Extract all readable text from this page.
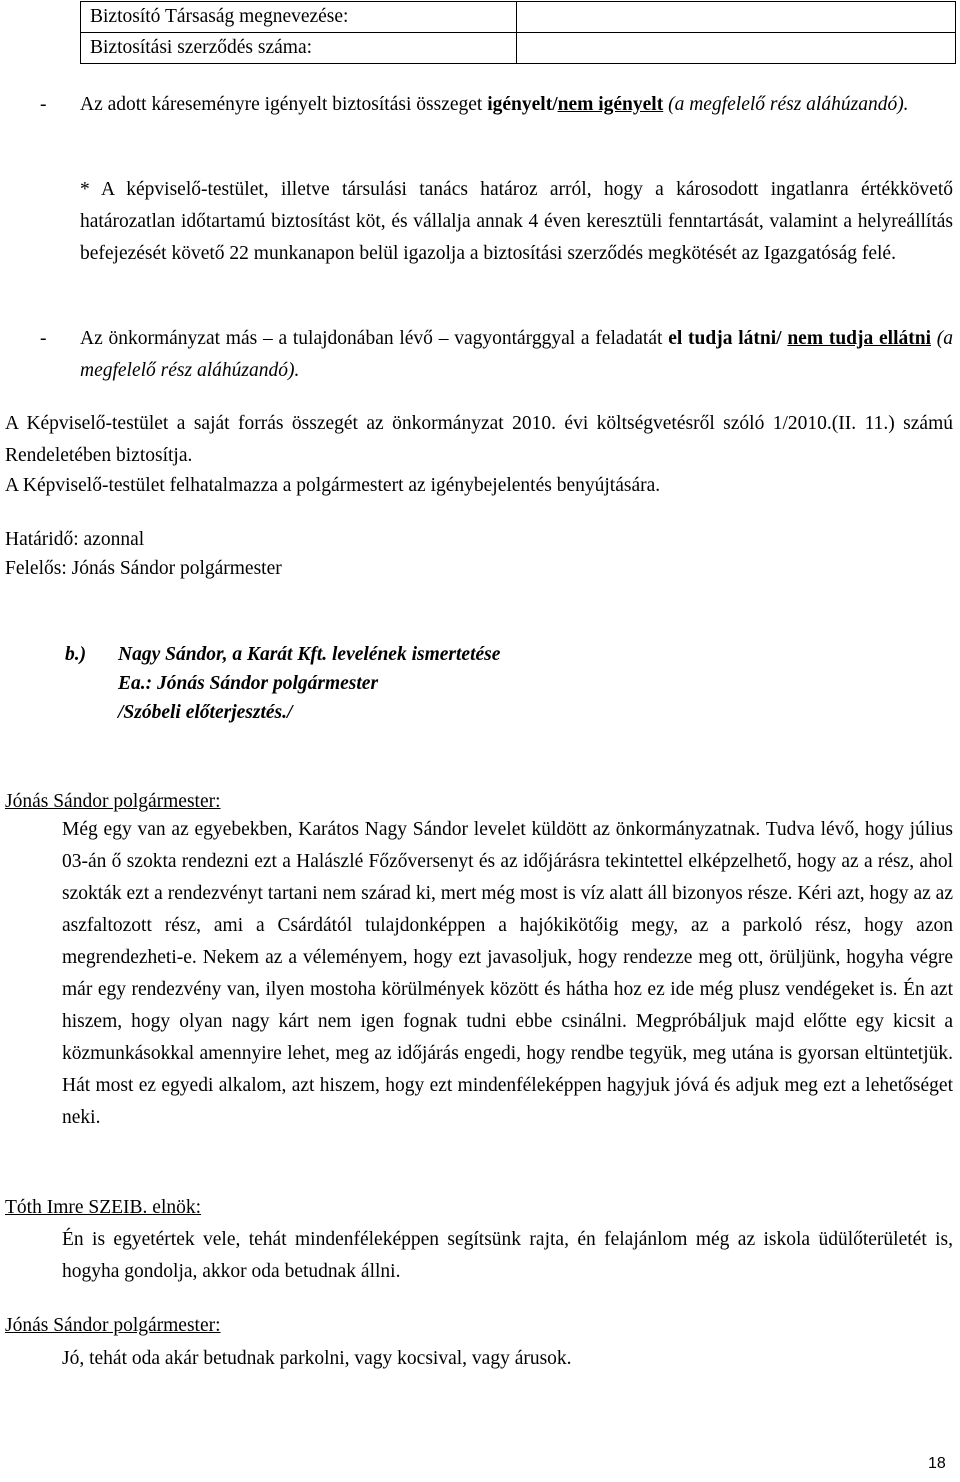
Biztosító Társaság megnevezése:	
Biztosítási szerződés száma:	
- Az adott káreseményre igényelt biztosítási összeget igényelt/nem igényelt (a megfelelő rész aláhúzandó).
* A képviselő-testület, illetve társulási tanács határoz arról, hogy a károsodott ingatlanra értékkövető határozatlan időtartamú biztosítást köt, és vállalja annak 4 éven keresztüli fenntartását, valamint a helyreállítás befejezését követő 22 munkanapon belül igazolja a biztosítási szerződés megkötését az Igazgatóság felé.
- Az önkormányzat más – a tulajdonában lévő – vagyontárggyal a feladatát el tudja látni/ nem tudja ellátni (a megfelelő rész aláhúzandó).
A Képviselő-testület a saját forrás összegét az önkormányzat 2010. évi költségvetésről szóló 1/2010.(II. 11.) számú Rendeletében biztosítja.
A Képviselő-testület felhatalmazza a polgármestert az igénybejelentés benyújtására.
Határidő: azonnal
Felelős: Jónás Sándor polgármester
b.) Nagy Sándor, a Karát Kft. levelének ismertetése
Ea.: Jónás Sándor polgármester
/Szóbeli előterjesztés./
Jónás Sándor polgármester:
Még egy van az egyebekben, Karátos Nagy Sándor levelet küldött az önkormányzatnak. Tudva lévő, hogy július 03-án ő szokta rendezni ezt a Halászlé Főzőversenyt és az időjárásra tekintettel elképzelhető, hogy az a rész, ahol szokták ezt a rendezvényt tartani nem szárad ki, mert még most is víz alatt áll bizonyos része. Kéri azt, hogy az az aszfaltozott rész, ami a Csárdától tulajdonképpen a hajókikötőig megy, az a parkoló rész, hogy azon megrendezheti-e. Nekem az a véleményem, hogy ezt javasoljuk, hogy rendezze meg ott, örüljünk, hogyha végre már egy rendezvény van, ilyen mostoha körülmények között és hátha hoz ez ide még plusz vendégeket is. Én azt hiszem, hogy olyan nagy kárt nem igen fognak tudni ebbe csinálni. Megpróbáljuk majd előtte egy kicsit a közmunkásokkal amennyire lehet, meg az időjárás engedi, hogy rendbe tegyük, meg utána is gyorsan eltüntetjük. Hát most ez egyedi alkalom, azt hiszem, hogy ezt mindenféleképpen hagyjuk jóvá és adjuk meg ezt a lehetőséget neki.
Tóth Imre SZEIB. elnök:
Én is egyetértek vele, tehát mindenféleképpen segítsünk rajta, én felajánlom még az iskola üdülőterületét is, hogyha gondolja, akkor oda betudnak állni.
Jónás Sándor polgármester:
Jó, tehát oda akár betudnak parkolni, vagy kocsival, vagy árusok.
18
